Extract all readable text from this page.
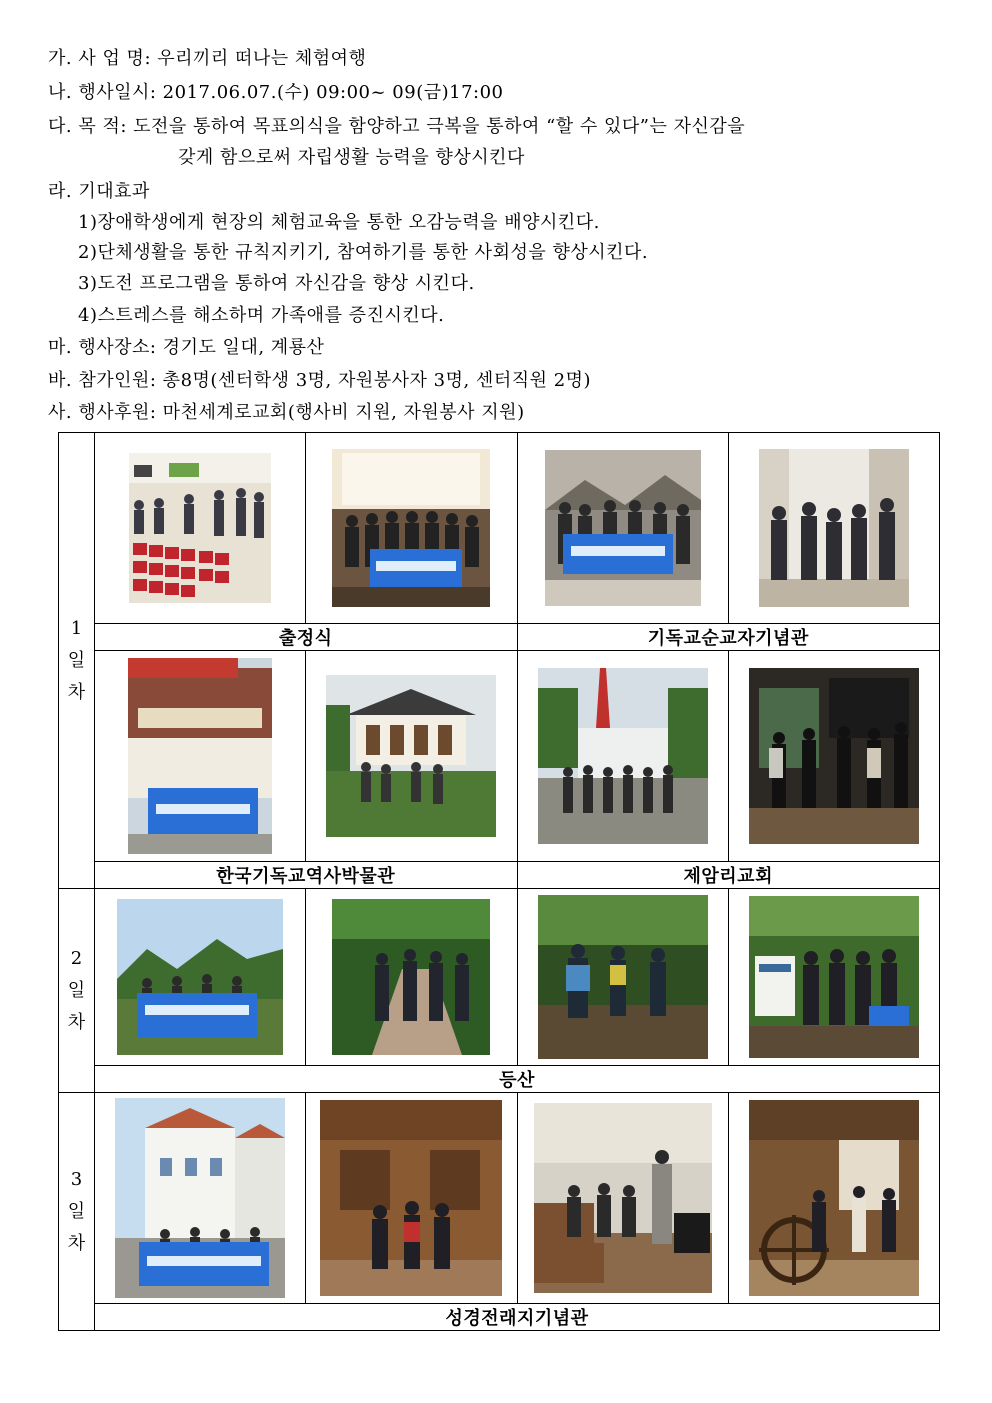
가. 사 업 명: 우리끼리 떠나는 체험여행
나. 행사일시: 2017.06.07.(수) 09:00~ 09(금)17:00
다. 목 적: 도전을 통하여 목표의식을 함양하고 극복을 통하여 “할 수 있다”는 자신감을
갖게 함으로써 자립생활 능력을 향상시킨다
라. 기대효과
1)장애학생에게 현장의 체험교육을 통한 오감능력을 배양시킨다.
2)단체생활을 통한 규칙지키기, 참여하기를 통한 사회성을 향상시킨다.
3)도전 프로그램을 통하여 자신감을 향상 시킨다.
4)스트레스를 해소하며 가족애를 증진시킨다.
마. 행사장소: 경기도 일대, 계룡산
바. 참가인원: 총8명(센터학생 3명, 자원봉사자 3명, 센터직원 2명)
사. 행사후원: 마천세계로교회(행사비 지원, 자원봉사 지원)
1
일
차

	출정식		기독교순교자기념관	

	한국기독교역사박물관		제암리교회	

2
일
차

	등산			

3
일
차

	성경전래지기념관			
